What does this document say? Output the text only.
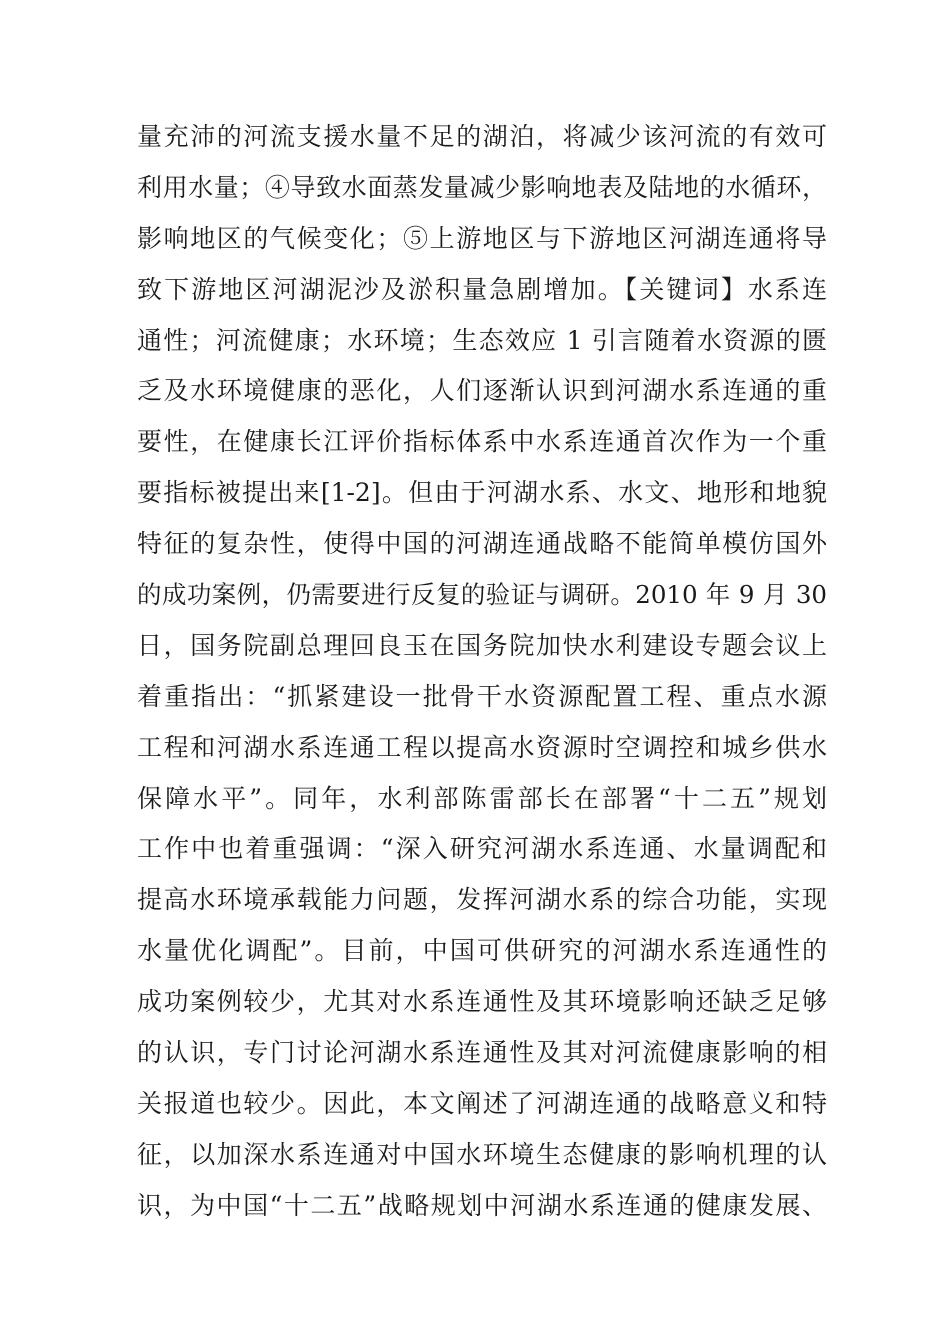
量充沛的河流支援水量不足的湖泊，将减少该河流的有效可
利用水量；④导致水面蒸发量减少影响地表及陆地的水循环，
影响地区的气候变化；⑤上游地区与下游地区河湖连通将导
致下游地区河湖泥沙及淤积量急剧增加。【关键词】水系连
通性；河流健康；水环境；生态效应 1 引言随着水资源的匮
乏及水环境健康的恶化，人们逐渐认识到河湖水系连通的重
要性，在健康长江评价指标体系中水系连通首次作为一个重
要指标被提出来[1-2]。但由于河湖水系、水文、地形和地貌
特征的复杂性，使得中国的河湖连通战略不能简单模仿国外
的成功案例，仍需要进行反复的验证与调研。2010 年 9 月 30
日，国务院副总理回良玉在国务院加快水利建设专题会议上
着重指出：“抓紧建设一批骨干水资源配置工程、重点水源
工程和河湖水系连通工程以提高水资源时空调控和城乡供水
保障水平”。同年，水利部陈雷部长在部署“十二五”规划
工作中也着重强调：“深入研究河湖水系连通、水量调配和
提高水环境承载能力问题，发挥河湖水系的综合功能，实现
水量优化调配”。目前，中国可供研究的河湖水系连通性的
成功案例较少，尤其对水系连通性及其环境影响还缺乏足够
的认识，专门讨论河湖水系连通性及其对河流健康影响的相
关报道也较少。因此，本文阐述了河湖连通的战略意义和特
征，以加深水系连通对中国水环境生态健康的影响机理的认
识，为中国“十二五”战略规划中河湖水系连通的健康发展、
